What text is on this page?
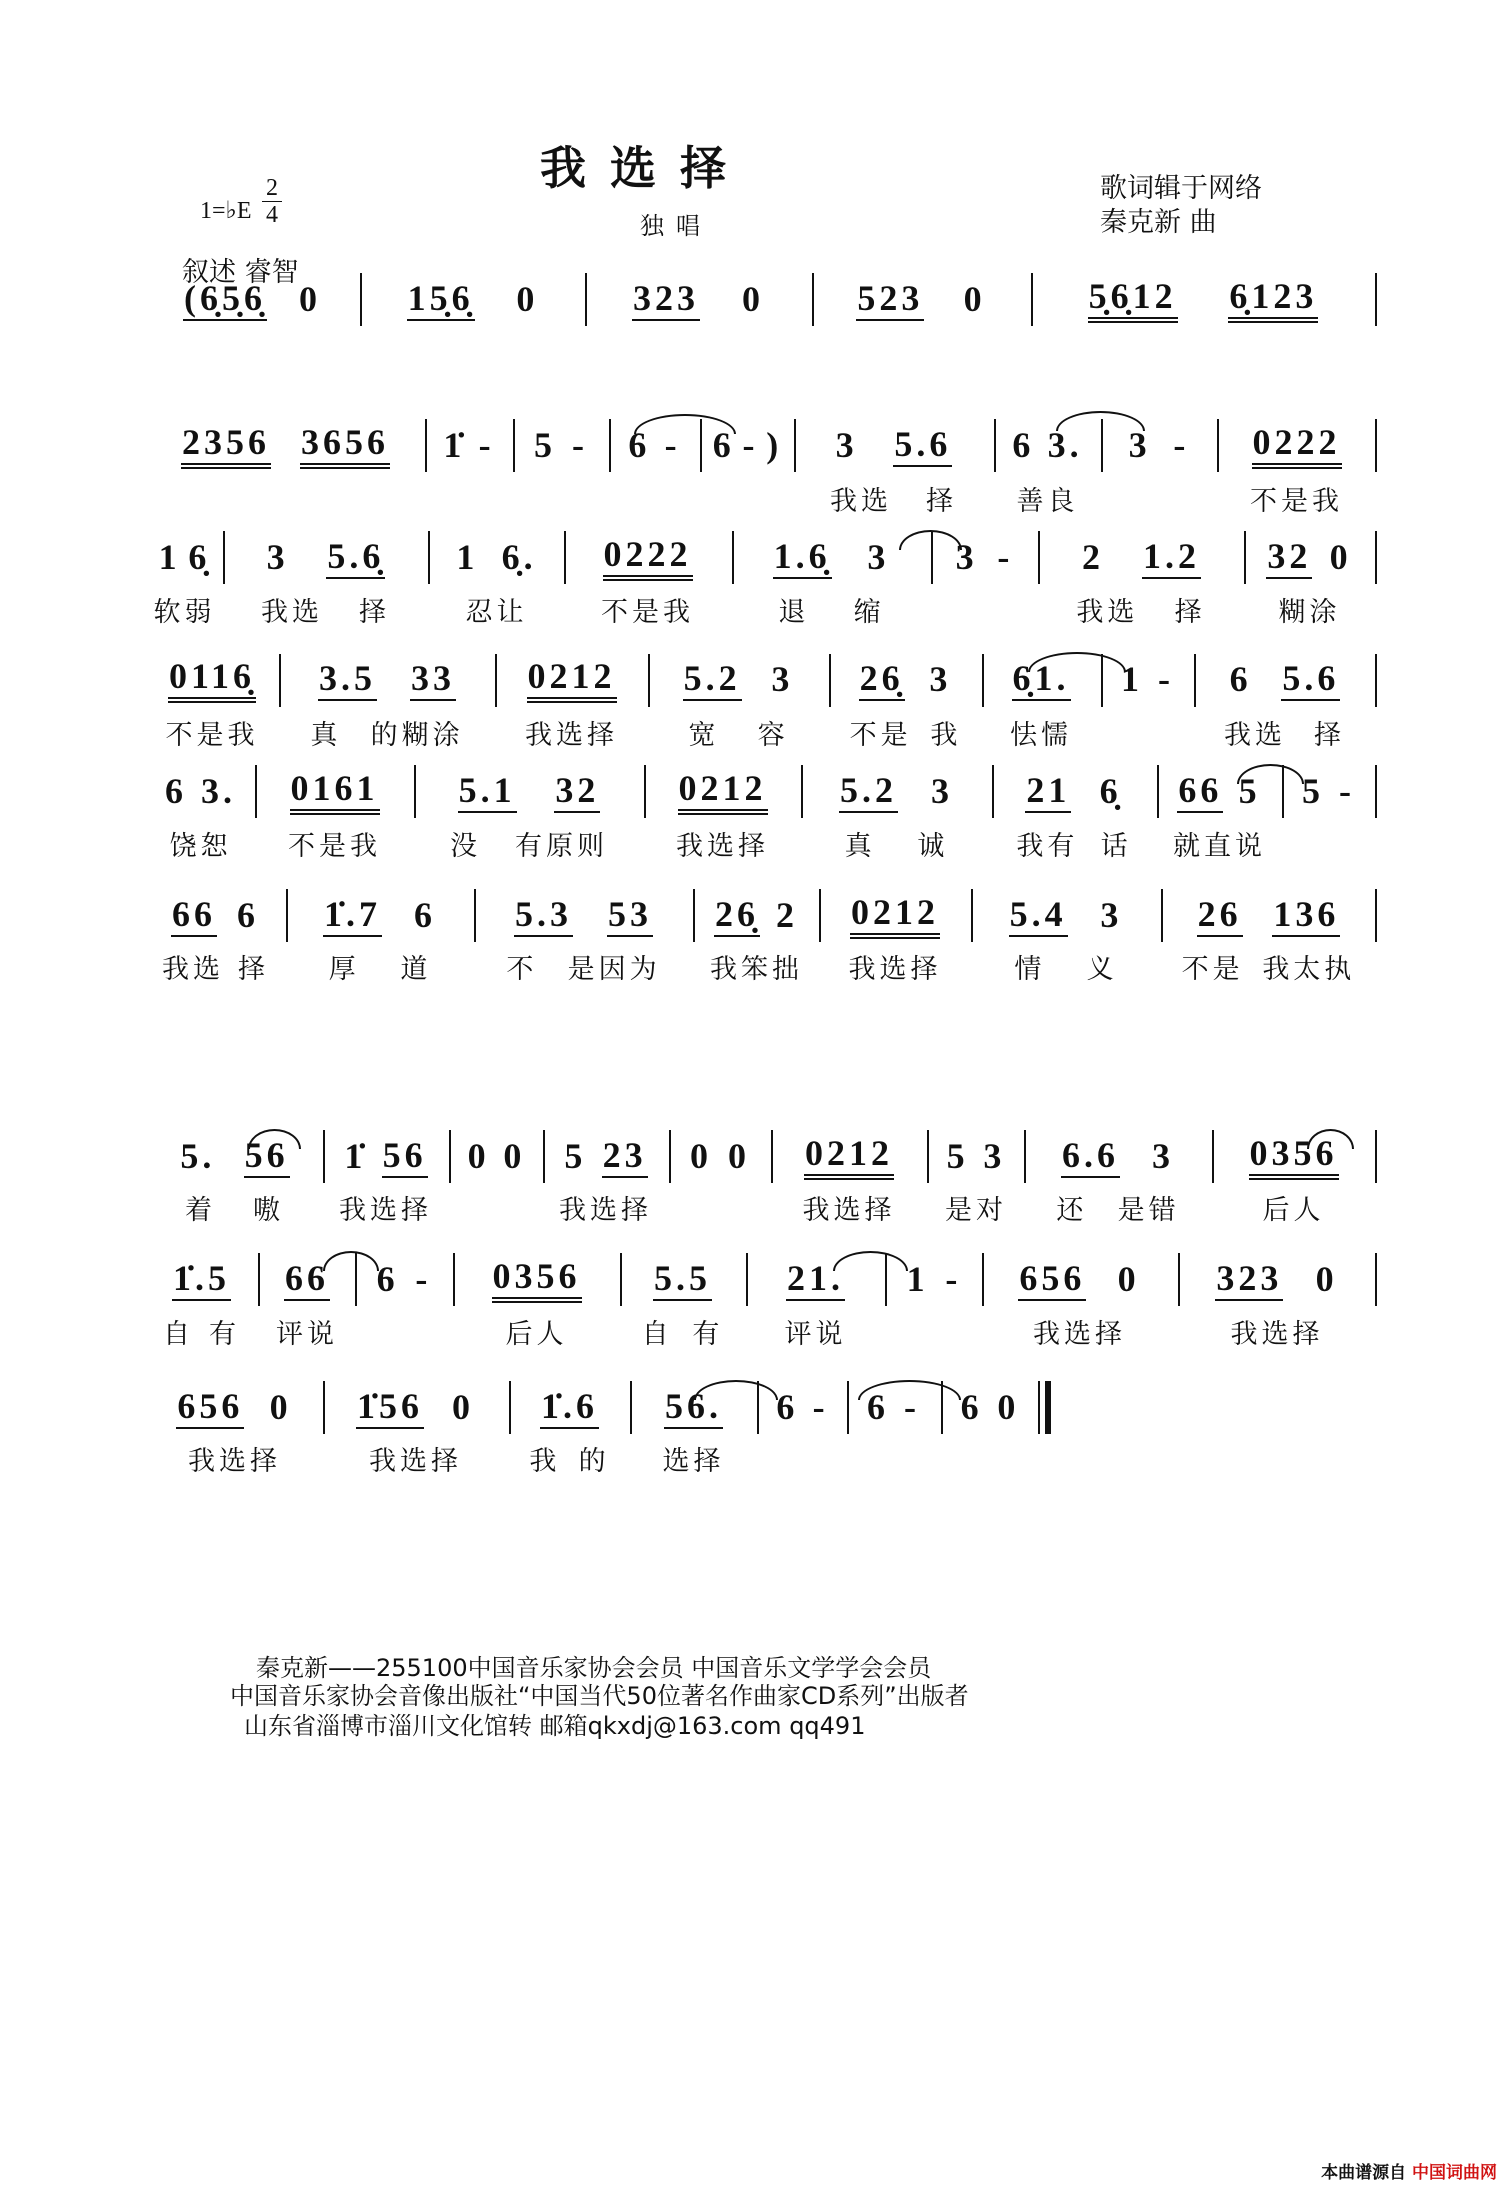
我选择	歌词辑于网络
秦克新 曲
1=♭E
2
4	独唱
叙述 睿智
(6̣5̣6̣ 0 15̣6̣ 0	323 0	523 0	5̣6̣12 6̣123
2356 3656 1̇ - 5 - 6 - 6 - ) 3 5.6 6 3. 3 - 0222
我选 择 善良	不是我
1 6̣ 3 5.6̣ 1 6̣. 0222 1.6̣ 3 3 - 2 1.2 32 0
软弱 我选 择	忍让	不是我	退 缩	我选 择	糊涂
0116̣ 3.5 33 0212 5.2 3 26̣ 3 6̣1. 1 - 6 5.6
不是我 真 的糊涂 我选择	宽 容 不是 我 怯懦	我选 择
6 3. 0161 5.1 32 0212 5.2 3 21 6̣ 66 5 5 -
饶恕 不是我	没 有原则	我选择	真 诚	我有 话 就直说
66 6 1̇.7 6 5.3 53 26̣ 2 0212 5.4 3 26 136
我选 择 厚 道	不 是因为 我笨拙 我选择	情 义 不是 我太执
5. 56 1̇ 56 0 0 5 23 0 0 0212 5 3 6.6 3 0356
着 嗷 我选择	我选择	我选择 是对 还 是错	后人
1̇.5 66 6 - 0356 5.5 21. 1 - 656 0 323 0
自 有 评说	后人	自 有 评说	我选择	我选择
656 0 1̇56 0 1̇.6 56. 6 - 6 - 6 0
我选择	我选择 我 的 选择
秦克新——255100中国音乐家协会会员 中国音乐文学学会会员
中国音乐家协会音像出版社“中国当代50位著名作曲家CD系列”出版者
山东省淄博市淄川文化馆转 邮箱qkxdj@163.com qq491
本曲谱源自 中国词曲网
